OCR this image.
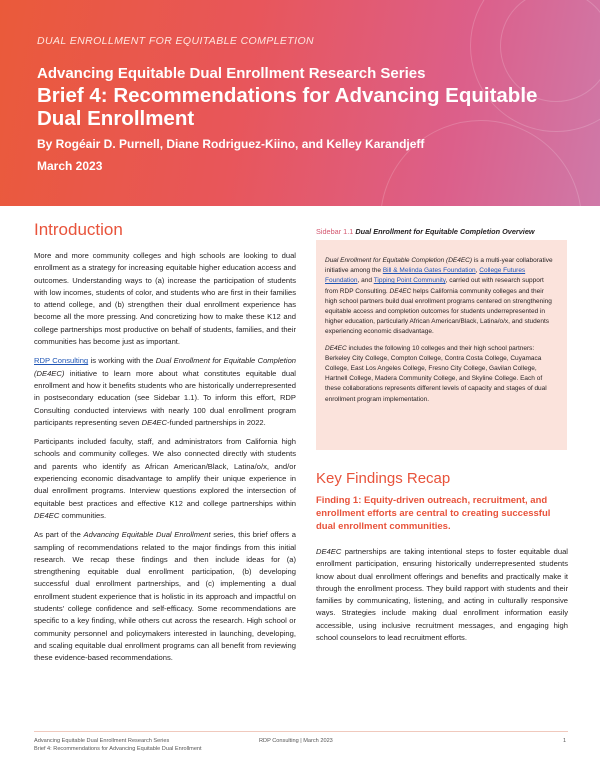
DUAL ENROLLMENT FOR EQUITABLE COMPLETION
Advancing Equitable Dual Enrollment Research Series
Brief 4: Recommendations for Advancing Equitable Dual Enrollment
By Rogéair D. Purnell, Diane Rodriguez-Kiino, and Kelley Karandjeff
March 2023
Introduction

More and more community colleges and high schools are looking to dual enrollment as a strategy for increasing equitable higher education access and outcomes. Understanding ways to (a) increase the participation of students with low incomes, students of color, and students who are first in their families to attend college, and (b) strengthen their dual enrollment experience has become all the more pressing. And concretizing how to make these K12 and college partnerships most productive on behalf of students, families, and their communities has become just as important.

RDP Consulting is working with the Dual Enrollment for Equitable Completion (DE4EC) initiative to learn more about what constitutes equitable dual enrollment and how it benefits students who are historically underrepresented in postsecondary education (see Sidebar 1.1). To inform this effort, RDP Consulting conducted interviews with nearly 100 dual enrollment program participants representing seven DE4EC-funded partnerships in 2022.

Participants included faculty, staff, and administrators from California high schools and community colleges. We also connected directly with students and parents who identify as African American/Black, Latina/o/x, and/or experiencing economic disadvantage to amplify their unique experience in dual enrollment programs. Interview questions explored the intersection of equitable best practices and effective K12 and college partnerships within DE4EC communities.

As part of the Advancing Equitable Dual Enrollment series, this brief offers a sampling of recommendations related to the major findings from this initial research. We recap these findings and then include ideas for (a) strengthening equitable dual enrollment participation, (b) developing successful dual enrollment partnerships, and (c) implementing a dual enrollment student experience that is holistic in its approach and impactful on students' college confidence and self-efficacy. Some recommendations are specific to a key finding, while others cut across the research. High school or community personnel and policymakers interested in launching, developing, and scaling equitable dual enrollment programs can all benefit from reviewing these evidence-based recommendations.

Sidebar 1.1 Dual Enrollment for Equitable Completion Overview

Dual Enrollment for Equitable Completion (DE4EC) is a multi-year collaborative initiative among the Bill & Melinda Gates Foundation, College Futures Foundation, and Tipping Point Community, carried out with research support from RDP Consulting. DE4EC helps California community colleges and their high school partners build dual enrollment programs centered on strengthening equitable access and completion outcomes for students underrepresented in higher education, particularly African American/Black, Latina/o/x, and students experiencing economic disadvantage.

DE4EC includes the following 10 colleges and their high school partners: Berkeley City College, Compton College, Contra Costa College, Cuyamaca College, East Los Angeles College, Fresno City College, Gavilan College, Hartnell College, Madera Community College, and Skyline College. Each of these collaborations represents different levels of capacity and stages of dual enrollment program implementation.

Key Findings Recap

Finding 1: Equity-driven outreach, recruitment, and enrollment efforts are central to creating successful dual enrollment communities.

DE4EC partnerships are taking intentional steps to foster equitable dual enrollment participation, ensuring historically underrepresented students know about dual enrollment offerings and benefits and practically make it through the enrollment process. They build rapport with students and their families by communicating, listening, and acting in culturally responsive ways. Strategies include making dual enrollment information easily accessible, using inclusive recruitment messages, and engaging high school counselors to lead recruitment efforts.

Advancing Equitable Dual Enrollment Research Series
Brief 4: Recommendations for Advancing Equitable Dual Enrollment
RDP Consulting | March 2023	1
